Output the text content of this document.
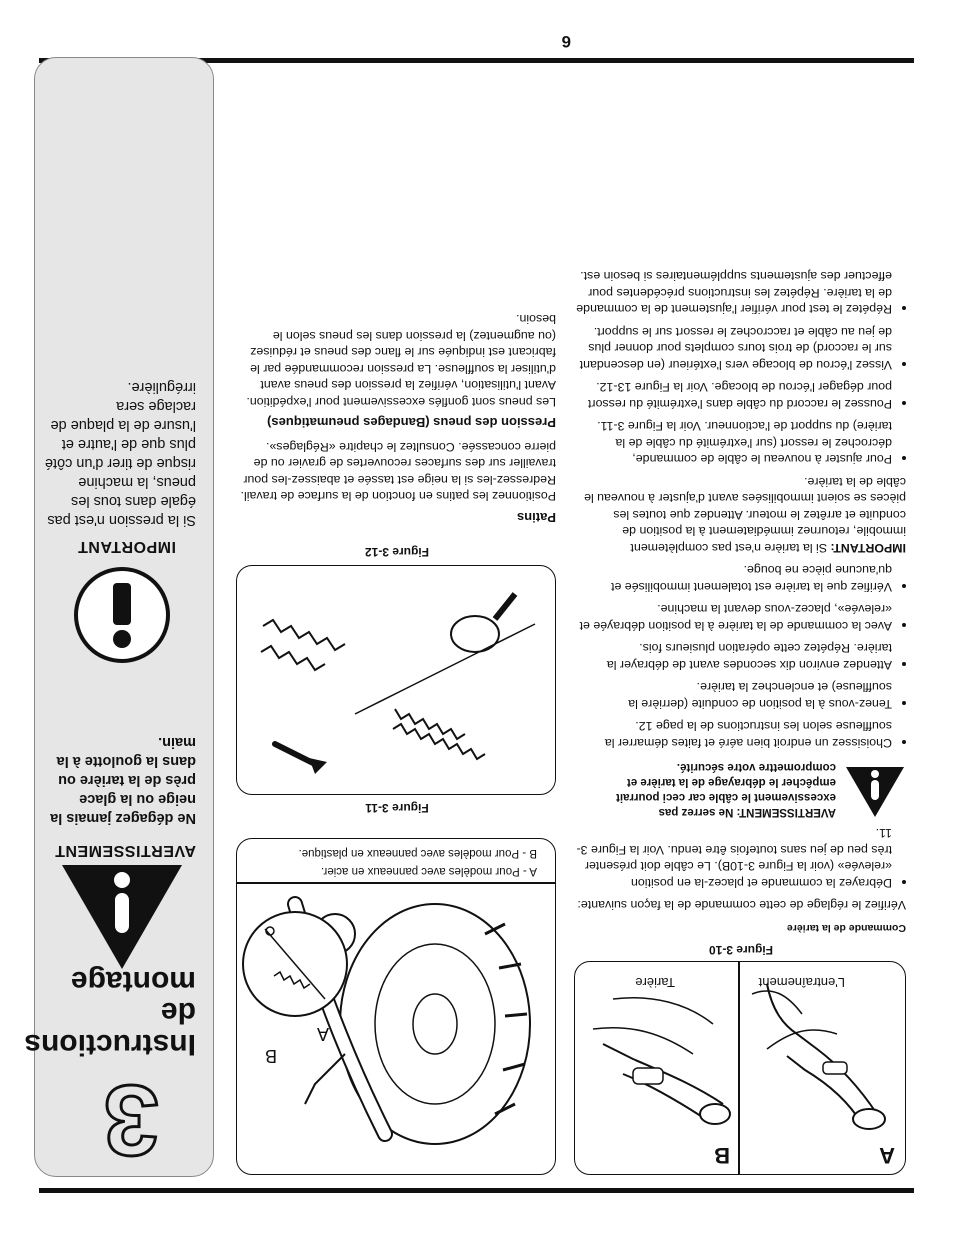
6
3
Instructions
de montage
AVERTISSEMENT
Ne dégagez jamais la neige ou la glace près de la tarière ou dans la goulotte à la main.
IMPORTANT
Si la pression n'est pas égale dans tous les pneus, la machine risque de tirer d'un côté plus que de l'autre et l'usure de la plaque de raclage sera irrégulière.
A
B
L'entraînement
Tarière
Figure 3-10
Commande de la tarière

Vérifiez le réglage de cette commande de la façon suivante:

• Débrayez la commande et placez-la en position «relevée» (voir la Figure 3-10B). Le câble doit présenter très peu de jeu sans toutefois être tendu. Voir la Figure 3-11.
AVERTISSEMENT: Ne serrez pas excessivement le câble car ceci pourrait empêcher le débrayage de la tarière et compromettre votre sécurité.
• Choisissez un endroit bien aéré et faites démarrer la souffleuse selon les instructions de la page 12.
• Tenez-vous à la position de conduite (derrière la souffleuse) et enclenchez la tarière.
• Attendez environ dix secondes avant de débrayer la tarière. Répétez cette opération plusieurs fois.
• Avec la commande de la tarière à la position débrayée et «relevée», placez-vous devant la machine.
• Vérifiez que la tarière est totalement immobilisée et qu'aucune pièce ne bouge.

IMPORTANT: Si la tarière n'est pas complètement immobile, retournez immédiatement à la position de conduite et arrêtez le moteur. Attendez que toutes les pièces se soient immobilisées avant d'ajuster à nouveau le câble de la tarière.

• Pour ajuster à nouveau le câble de commande, décrochez le ressort (sur l'extrémité du câble de la tarière) du support de l'actionneur. Voir la Figure 3-11.
• Poussez le raccord du câble dans l'extrémité du ressort pour dégager l'écrou de blocage. Voir la Figure 13-12.
• Vissez l'écrou de blocage vers l'extérieur (en descendant sur le raccord) de trois tours complets pour donner plus de jeu au câble et raccrochez le ressort sur le support.
• Répétez le test pour vérifier l'ajustement de la commande de la tarière. Répétez les instructions précédentes pour effectuer des ajustements supplémentaires si besoin est.
A
B
A - Pour modèles avec panneaux en acier.
B - Pour modèles avec panneaux en plastique.
Figure 3-11
Figure 3-12
Patins

Positionnez les patins en fonction de la surface de travail. Redressez-les si la neige est tassée et abaissez-les pour travailler sur des surfaces recouvertes de gravier ou de pierre concassée. Consultez le chapitre «Réglages».

Pression des pneus (Bandages pneumatiques)

Les pneus sont gonflés excessivement pour l'expédition. Avant l'utilisation, vérifiez la pression des pneus avant d'utiliser la souffleuse. La pression recommandée par le fabricant est indiquée sur le flanc des pneus et réduisez (ou augmentez) la pression dans les pneus selon le besoin.
